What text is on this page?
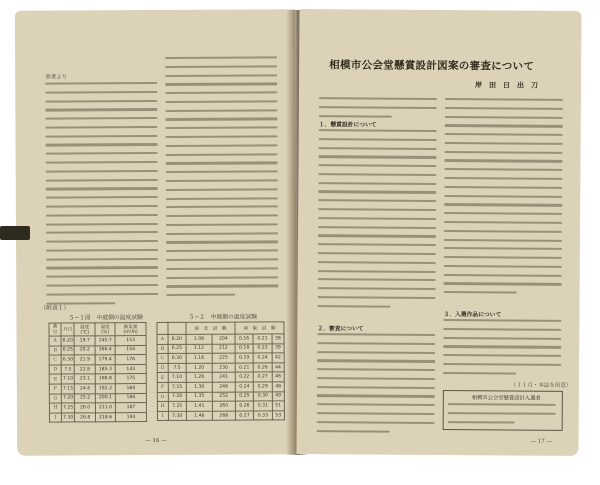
筆者より
（附表１）
５−１図　中庭側の温度試験
番号	月日	温度(℃)	湿度(%)	換気量(m³/h)
Ａ	6.20	19.7	145.7	153
Ｂ	6.25	20.2	166.4	154
Ｃ	6.30	21.9	179.4	176
Ｄ	7.5	22.8	185.3	143
Ｅ	7.10	23.1	188.8	175
Ｆ	7.15	24.6	192.2	160
Ｇ	7.20	25.2	200.1	184
Ｈ	7.25	26.0	211.0	187
Ｉ	7.30	26.8	218.6	193
５−２　中庭側の温度試験
		南　北　試　験		南　東　試　験		
Ａ	6.20	1.08	204	0.16	0.21	38
Ｂ	6.25	1.12	212	0.18	0.23	39
Ｃ	6.30	1.16	225	0.19	0.24	42
Ｄ	7.5	1.20	230	0.21	0.26	44
Ｅ	7.10	1.26	241	0.22	0.27	46
Ｆ	7.15	1.30	248	0.24	0.29	48
Ｇ	7.20	1.35	252	0.25	0.30	49
Ｈ	7.25	1.41	260	0.26	0.31	51
Ｉ	7.30	1.46	268	0.27	0.33	53
— 16 —
相模市公会堂懸賞設計図案の審査について
岸　田　日　出　刀
１．懸賞設計について
２．審査について
３．入選作品について
（１１月・本誌を用意）
相模市公会堂懸賞設計入選者
— 17 —
